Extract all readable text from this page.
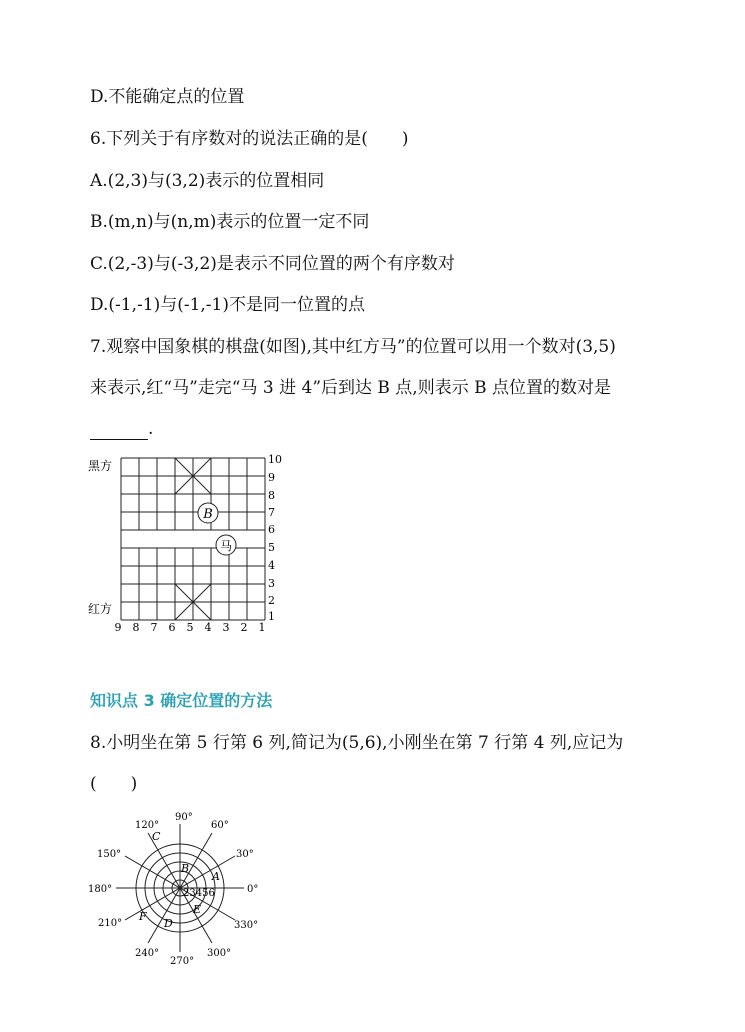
D.不能确定点的位置
6.下列关于有序数对的说法正确的是(　　)
A.(2,3)与(3,2)表示的位置相同
B.(m,n)与(n,m)表示的位置一定不同
C.(2,-3)与(-3,2)是表示不同位置的两个有序数对
D.(-1,-1)与(-1,-1)不是同一位置的点
7.观察中国象棋的棋盘(如图),其中红方马”的位置可以用一个数对(3,5)
来表示,红“马”走完“马 3 进 4”后到达 B 点,则表示 B 点位置的数对是
.
B
马
黑方
红方
10
9
8
7
6
5
4
3
2
1
9 8 7 6 5 4 3 2 1
知识点 3 确定位置的方法
8.小明坐在第 5 行第 6 列,简记为(5,6),小刚坐在第 7 行第 4 列,应记为
(　　)
90°
60°
30°
0°
330°
300°
270°
240°
210°
180°
150°
120°
23456
A
B
C
D
E
F
